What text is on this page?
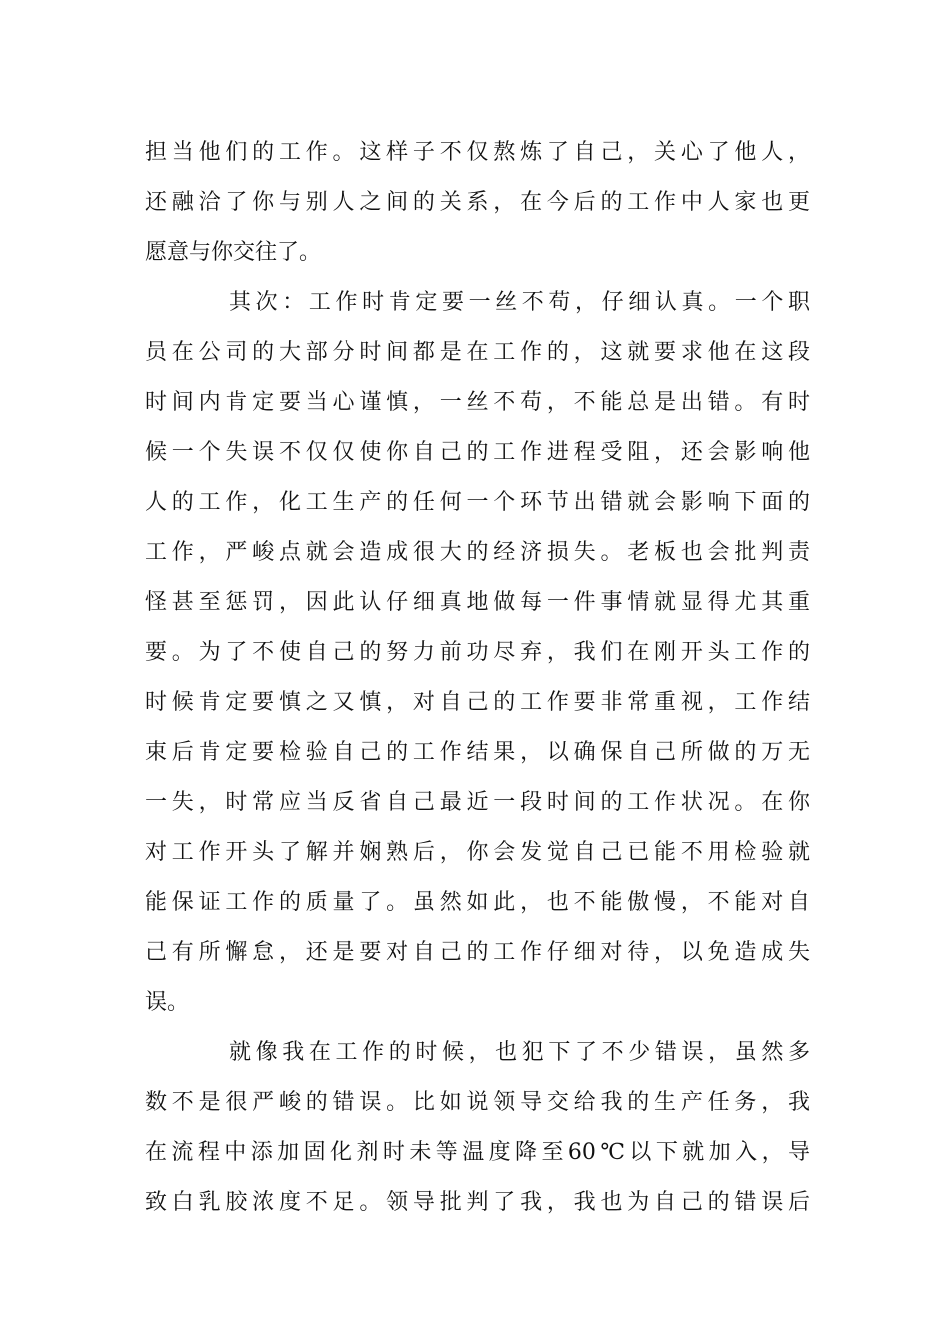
担当他们的工作。这样子不仅熬炼了自己，关心了他人，
还融洽了你与别人之间的关系，在今后的工作中人家也更
愿意与你交往了。
其次：工作时肯定要一丝不苟，仔细认真。一个职
员在公司的大部分时间都是在工作的，这就要求他在这段
时间内肯定要当心谨慎，一丝不苟，不能总是出错。有时
候一个失误不仅仅使你自己的工作进程受阻，还会影响他
人的工作，化工生产的任何一个环节出错就会影响下面的
工作，严峻点就会造成很大的经济损失。老板也会批判责
怪甚至惩罚，因此认仔细真地做每一件事情就显得尤其重
要。为了不使自己的努力前功尽弃，我们在刚开头工作的
时候肯定要慎之又慎，对自己的工作要非常重视，工作结
束后肯定要检验自己的工作结果，以确保自己所做的万无
一失，时常应当反省自己最近一段时间的工作状况。在你
对工作开头了解并娴熟后，你会发觉自己已能不用检验就
能保证工作的质量了。虽然如此，也不能傲慢，不能对自
己有所懈怠，还是要对自己的工作仔细对待，以免造成失
误。
就像我在工作的时候，也犯下了不少错误，虽然多
数不是很严峻的错误。比如说领导交给我的生产任务，我
在流程中添加固化剂时未等温度降至60℃以下就加入，导
致白乳胶浓度不足。领导批判了我，我也为自己的错误后
